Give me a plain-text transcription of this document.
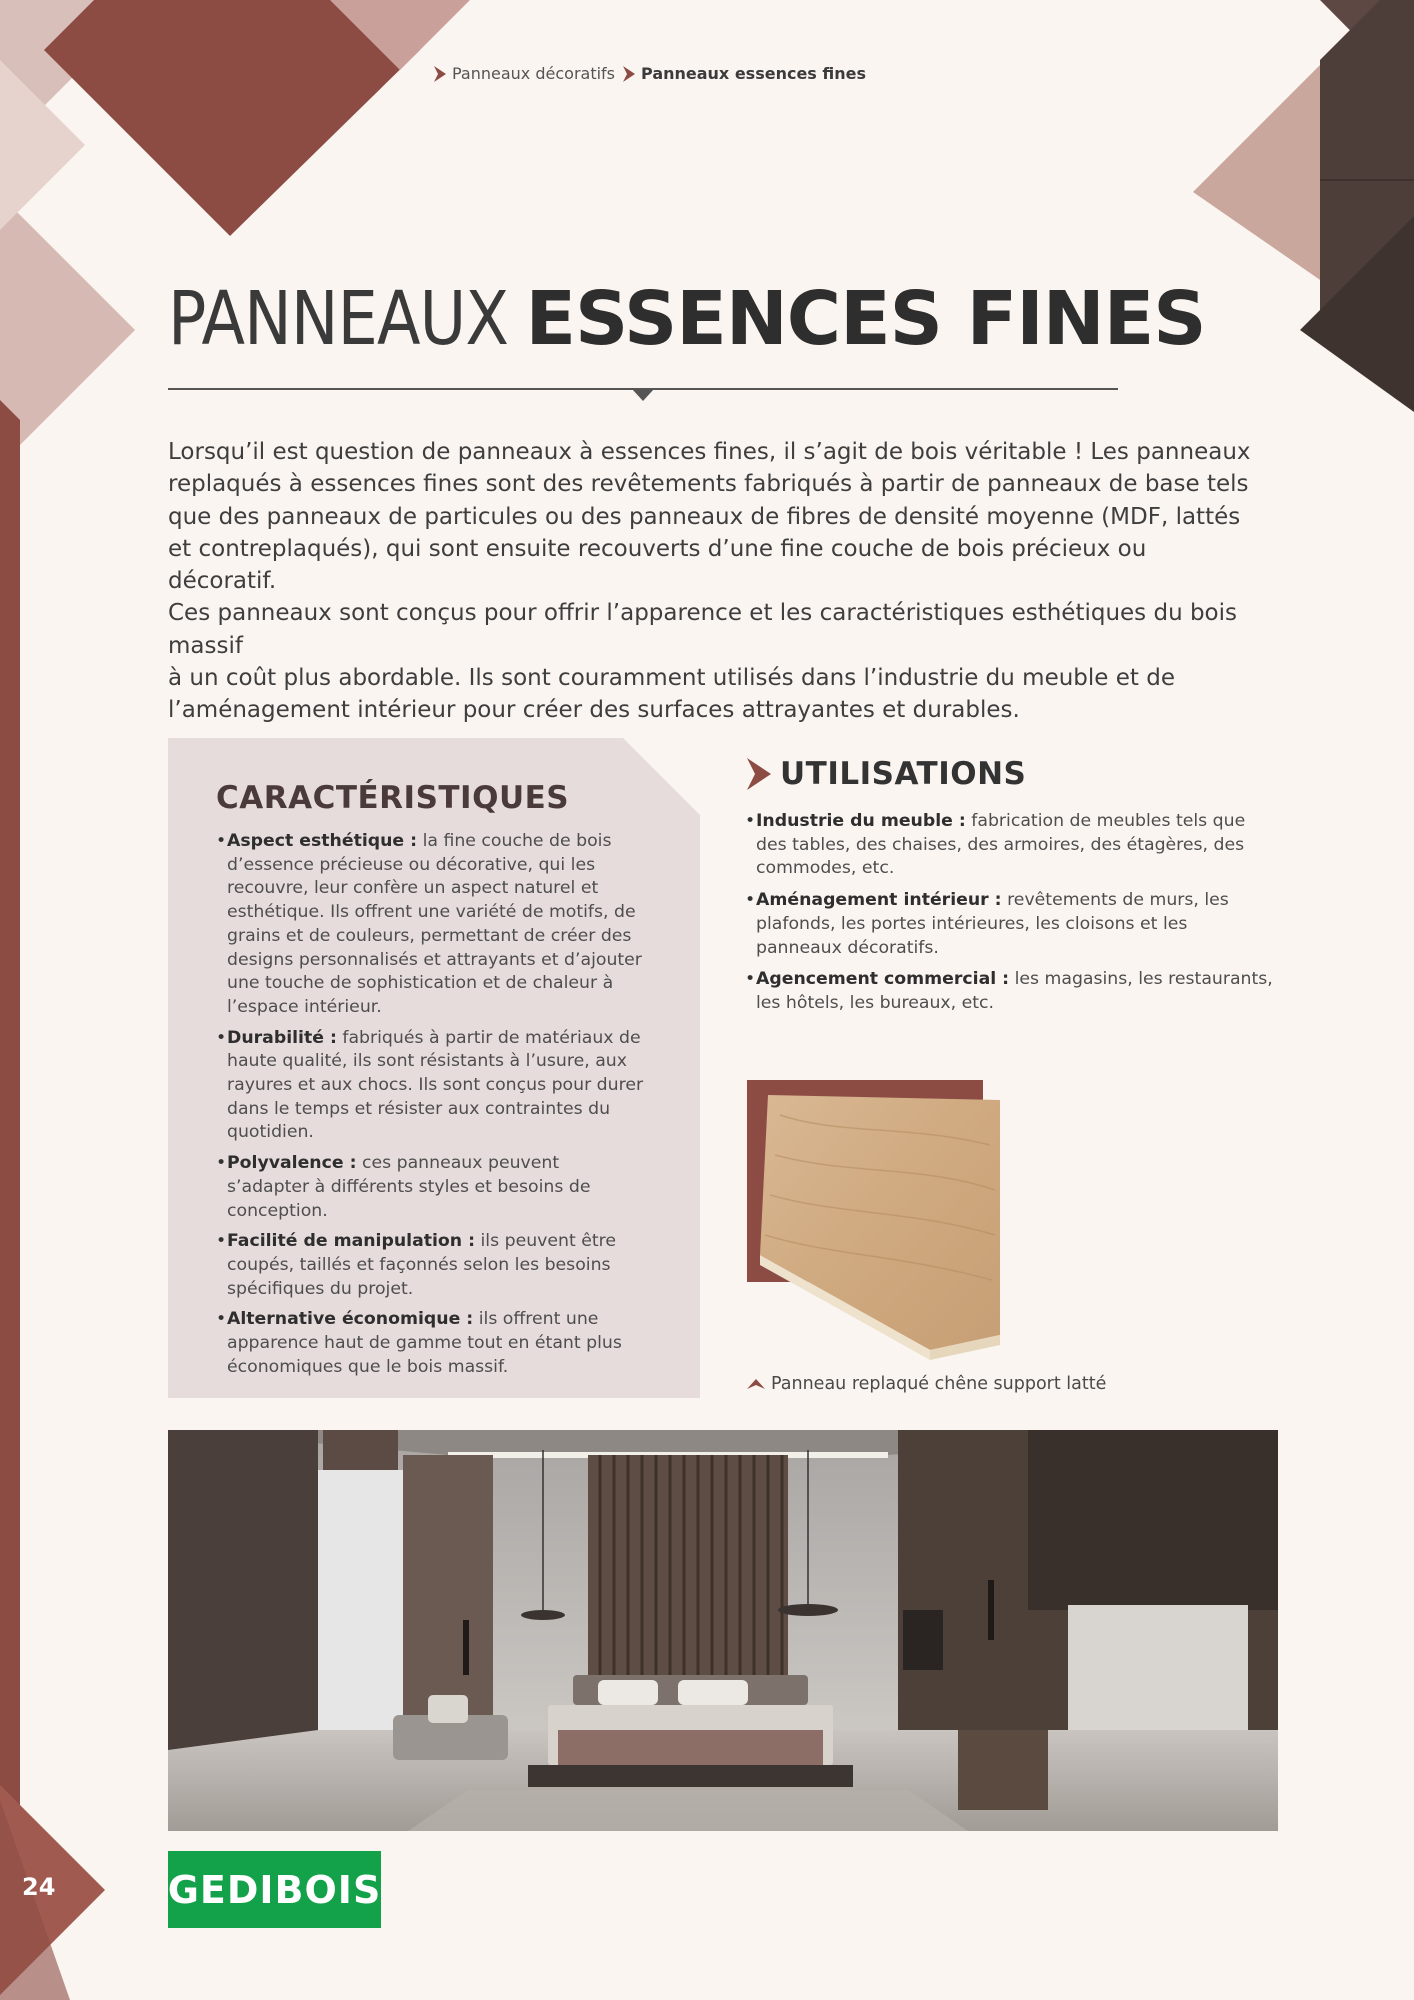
Panneaux décoratifs Panneaux essences fines
PANNEAUX ESSENCES FINES
Lorsqu’il est question de panneaux à essences fines, il s’agit de bois véritable ! Les panneaux
replaqués à essences fines sont des revêtements fabriqués à partir de panneaux de base tels
que des panneaux de particules ou des panneaux de fibres de densité moyenne (MDF, lattés
et contreplaqués), qui sont ensuite recouverts d’une fine couche de bois précieux ou décoratif.
Ces panneaux sont conçus pour offrir l’apparence et les caractéristiques esthétiques du bois massif
à un coût plus abordable. Ils sont couramment utilisés dans l’industrie du meuble et de
l’aménagement intérieur pour créer des surfaces attrayantes et durables.
CARACTÉRISTIQUES
• Aspect esthétique : la fine couche de bois d’essence précieuse ou décorative, qui les recouvre, leur confère un aspect naturel et esthétique. Ils offrent une variété de motifs, de grains et de couleurs, permettant de créer des designs personnalisés et attrayants et d’ajouter une touche de sophistication et de chaleur à l’espace intérieur.
• Durabilité : fabriqués à partir de matériaux de haute qualité, ils sont résistants à l’usure, aux rayures et aux chocs. Ils sont conçus pour durer dans le temps et résister aux contraintes du quotidien.
• Polyvalence : ces panneaux peuvent s’adapter à différents styles et besoins de conception.
• Facilité de manipulation : ils peuvent être coupés, taillés et façonnés selon les besoins spécifiques du projet.
• Alternative économique : ils offrent une apparence haut de gamme tout en étant plus économiques que le bois massif.
UTILISATIONS
• Industrie du meuble : fabrication de meubles tels que des tables, des chaises, des armoires, des étagères, des commodes, etc.
• Aménagement intérieur : revêtements de murs, les plafonds, les portes intérieures, les cloisons et les panneaux décoratifs.
• Agencement commercial : les magasins, les restaurants, les hôtels, les bureaux, etc.
Panneau replaqué chêne support latté
GEDIBOIS
24
